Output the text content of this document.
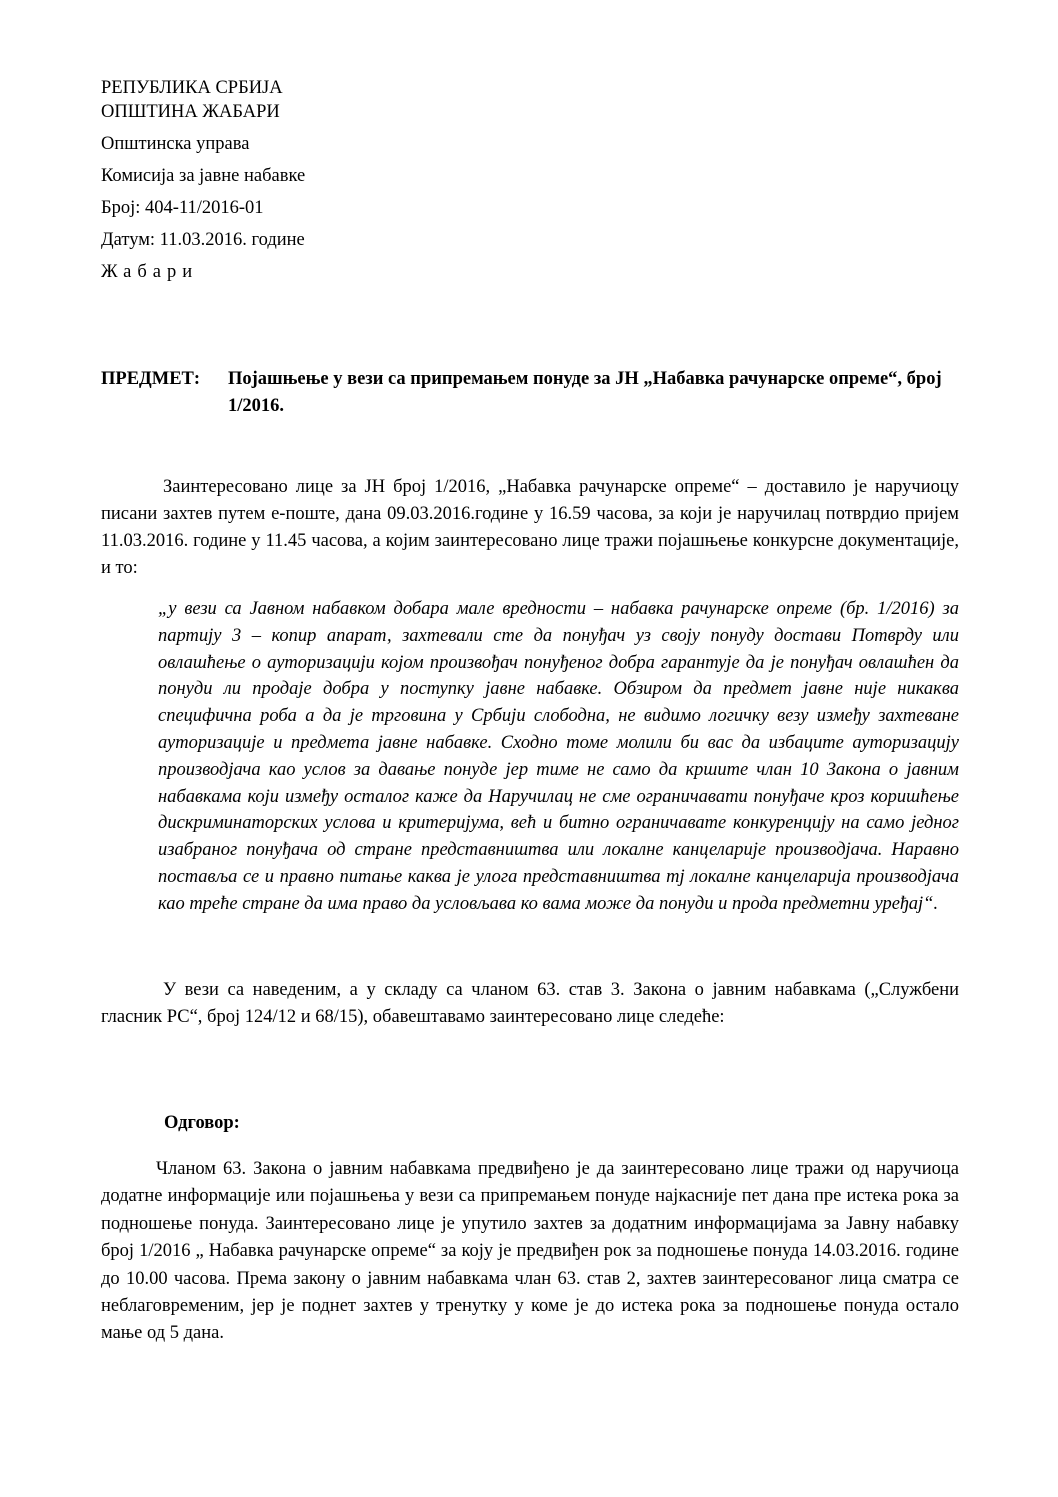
РЕПУБЛИКА СРБИЈА
ОПШТИНА ЖАБАРИ
Општинска управа
Комисија за јавне набавке
Број: 404-11/2016-01
Датум: 11.03.2016. године
Жабари
ПРЕДМЕТ: Појашњење у вези са припремањем понуде за ЈН „Набавка рачунарске опреме“, број 1/2016.
Заинтересовано лице за ЈН број 1/2016, „Набавка рачунарске опреме“ – доставило је наручиоцу писани захтев путем е-поште, дана 09.03.2016.године у 16.59 часова, за који је наручилац потврдио пријем 11.03.2016. године у 11.45 часова, а којим заинтересовано лице тражи појашњење конкурсне документације, и то:
„у вези са Јавном набавком добара мале вредности – набавка рачунарске опреме (бр. 1/2016) за партију 3 – копир апарат, захтевали сте да понуђач уз своју понуду достави Потврду или овлашћење о ауторизацији којом произвођач понуђеног добра гарантује да је понуђач овлашћен да понуди ли продаје добра у поступку јавне набавке. Обзиром да предмет јавне није никаква специфична роба а да је трговина у Србији слободна, не видимо логичку везу између захтеване ауторизације и предмета јавне набавке. Сходно томе молили би вас да избаците ауторизацију производјача као услов за давање понуде јер тиме не само да кршите члан 10 Закона о јавним набавкама који између осталог каже да Наручилац не сме ограничавати понуђаче кроз коришћење дискриминаторских услова и критеријума, већ и битно ограничавате конкуренцију на само једног изабраног понуђача од стране представништва или локалне канцеларије производјача. Наравно поставља се и правно питање каква је улога представништва тј локалне канцеларија производјача као треће стране да има право да условљава ко вама може да понуди и прода предметни уређај“.
У вези са наведеним, а у складу са чланом 63. став 3. Закона о јавним набавкама („Службени гласник РС“, број 124/12 и 68/15), обавештавамо заинтересовано лице следеће:
Одговор:
Чланом 63. Закона о јавним набавкама предвиђено је да заинтересовано лице тражи од наручиоца додатне информације или појашњења у вези са припремањем понуде најкасније пет дана пре истека рока за подношење понуда. Заинтересовано лице је упутило захтев за додатним информацијама за Јавну набавку број 1/2016 „ Набавка рачунарске опреме“ за коју је предвиђен рок за подношење понуда 14.03.2016. године до 10.00 часова. Према закону о јавним набавкама члан 63. став 2, захтев заинтересованог лица сматра се неблаговременим, јер је поднет захтев у тренутку у коме је до истека рока за подношење понуда остало мање од 5 дана.
